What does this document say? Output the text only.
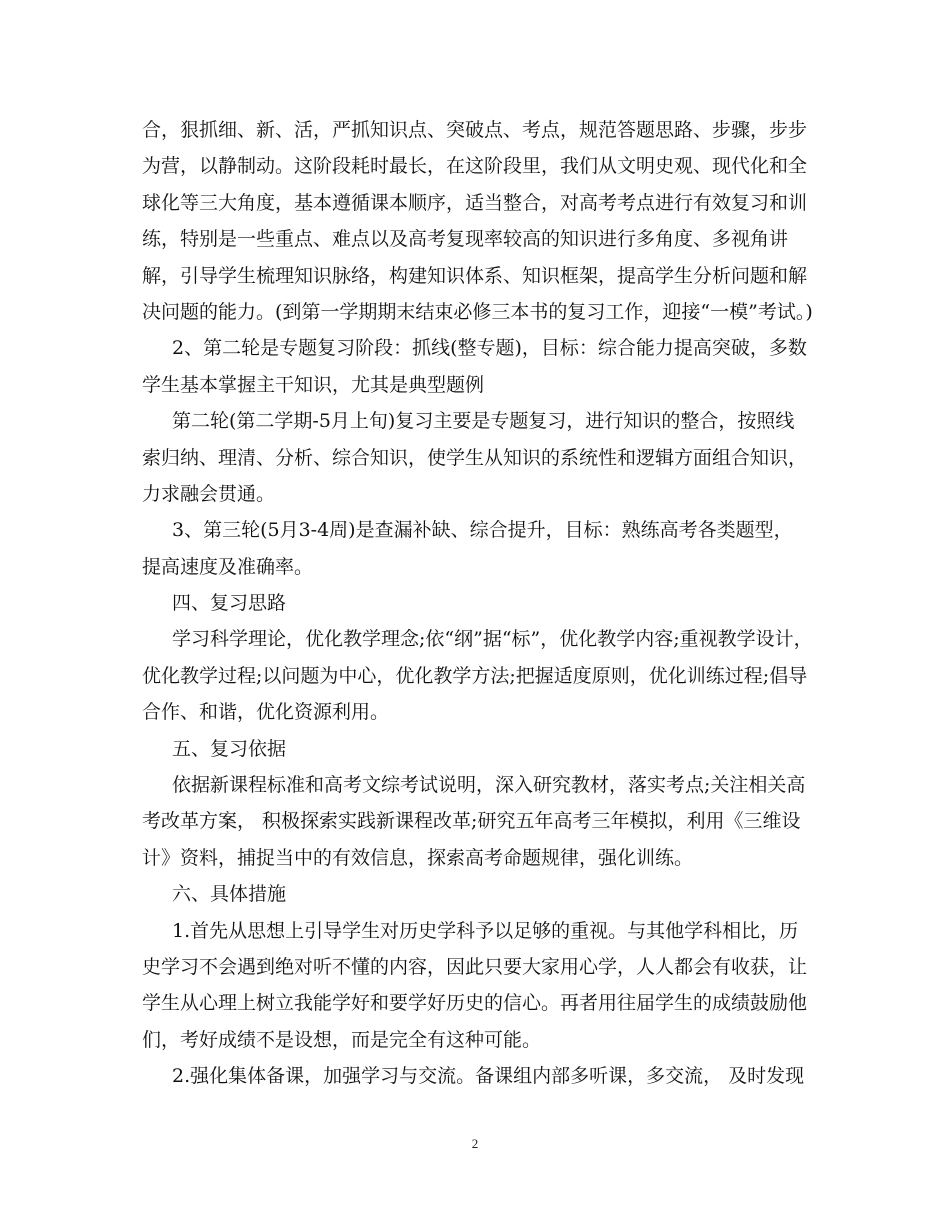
合，狠抓细、新、活，严抓知识点、突破点、考点，规范答题思路、步骤，步步
为营，以静制动。这阶段耗时最长，在这阶段里，我们从文明史观、现代化和全
球化等三大角度，基本遵循课本顺序，适当整合，对高考考点进行有效复习和训
练，特别是一些重点、难点以及高考复现率较高的知识进行多角度、多视角讲
解，引导学生梳理知识脉络，构建知识体系、知识框架，提高学生分析问题和解
决问题的能力。(到第一学期期末结束必修三本书的复习工作，迎接“一模”考试。)
2、第二轮是专题复习阶段：抓线(整专题)，目标：综合能力提高突破，多数
学生基本掌握主干知识，尤其是典型题例
第二轮(第二学期-5月上旬)复习主要是专题复习，进行知识的整合，按照线
索归纳、理清、分析、综合知识，使学生从知识的系统性和逻辑方面组合知识，
力求融会贯通。
3、第三轮(5月3-4周)是查漏补缺、综合提升，目标：熟练高考各类题型，
提高速度及准确率。
四、复习思路
学习科学理论，优化教学理念;依“纲”据“标”，优化教学内容;重视教学设计，
优化教学过程;以问题为中心，优化教学方法;把握适度原则，优化训练过程;倡导
合作、和谐，优化资源利用。
五、复习依据
依据新课程标准和高考文综考试说明，深入研究教材，落实考点;关注相关高
考改革方案， 积极探索实践新课程改革;研究五年高考三年模拟，利用《三维设
计》资料，捕捉当中的有效信息，探索高考命题规律，强化训练。
六、具体措施
1.首先从思想上引导学生对历史学科予以足够的重视。与其他学科相比，历
史学习不会遇到绝对听不懂的内容，因此只要大家用心学，人人都会有收获，让
学生从心理上树立我能学好和要学好历史的信心。再者用往届学生的成绩鼓励他
们，考好成绩不是设想，而是完全有这种可能。
2.强化集体备课，加强学习与交流。备课组内部多听课，多交流， 及时发现
2
